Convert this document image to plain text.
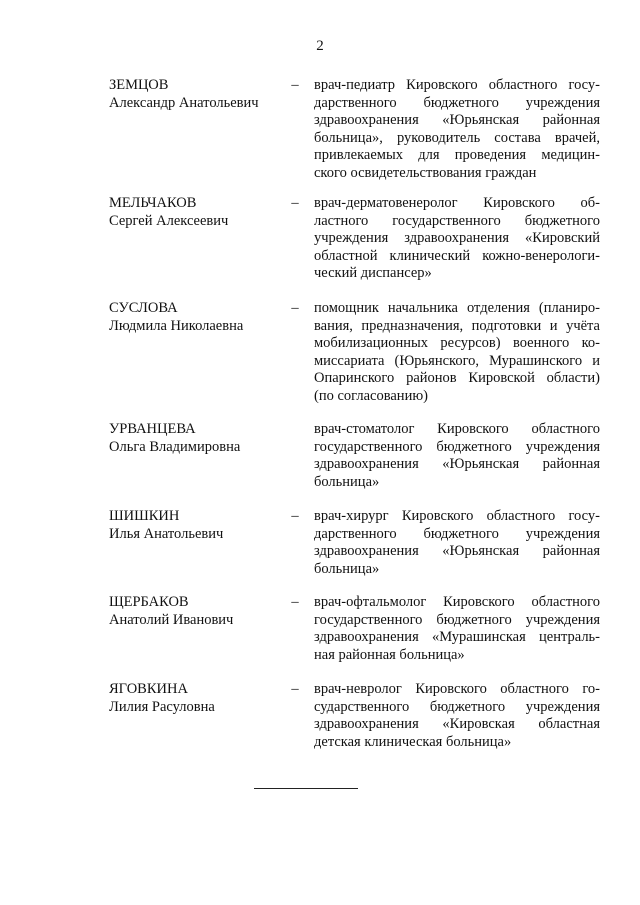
2
ЗЕМЦОВ
Александр Анатольевич
– врач-педиатр Кировского областного госу-
дарственного бюджетного учреждения
здравоохранения «Юрьянская районная
больница», руководитель состава врачей,
привлекаемых для проведения медицин-
ского освидетельствования граждан
МЕЛЬЧАКОВ
Сергей Алексеевич
– врач-дерматовенеролог Кировского об-
ластного государственного бюджетного
учреждения здравоохранения «Кировский
областной клинический кожно-венерологи-
ческий диспансер»
СУСЛОВА
Людмила Николаевна
– помощник начальника отделения (планиро-
вания, предназначения, подготовки и учёта
мобилизационных ресурсов) военного ко-
миссариата (Юрьянского, Мурашинского и
Опаринского районов Кировской области)
(по согласованию)
УРВАНЦЕВА
Ольга Владимировна
врач-стоматолог Кировского областного
государственного бюджетного учреждения
здравоохранения «Юрьянская районная
больница»
ШИШКИН
Илья Анатольевич
– врач-хирург Кировского областного госу-
дарственного бюджетного учреждения
здравоохранения «Юрьянская районная
больница»
ЩЕРБАКОВ
Анатолий Иванович
– врач-офтальмолог Кировского областного
государственного бюджетного учреждения
здравоохранения «Мурашинская централь-
ная районная больница»
ЯГОВКИНА
Лилия Расуловна
– врач-невролог Кировского областного го-
сударственного бюджетного учреждения
здравоохранения «Кировская областная
детская клиническая больница»
